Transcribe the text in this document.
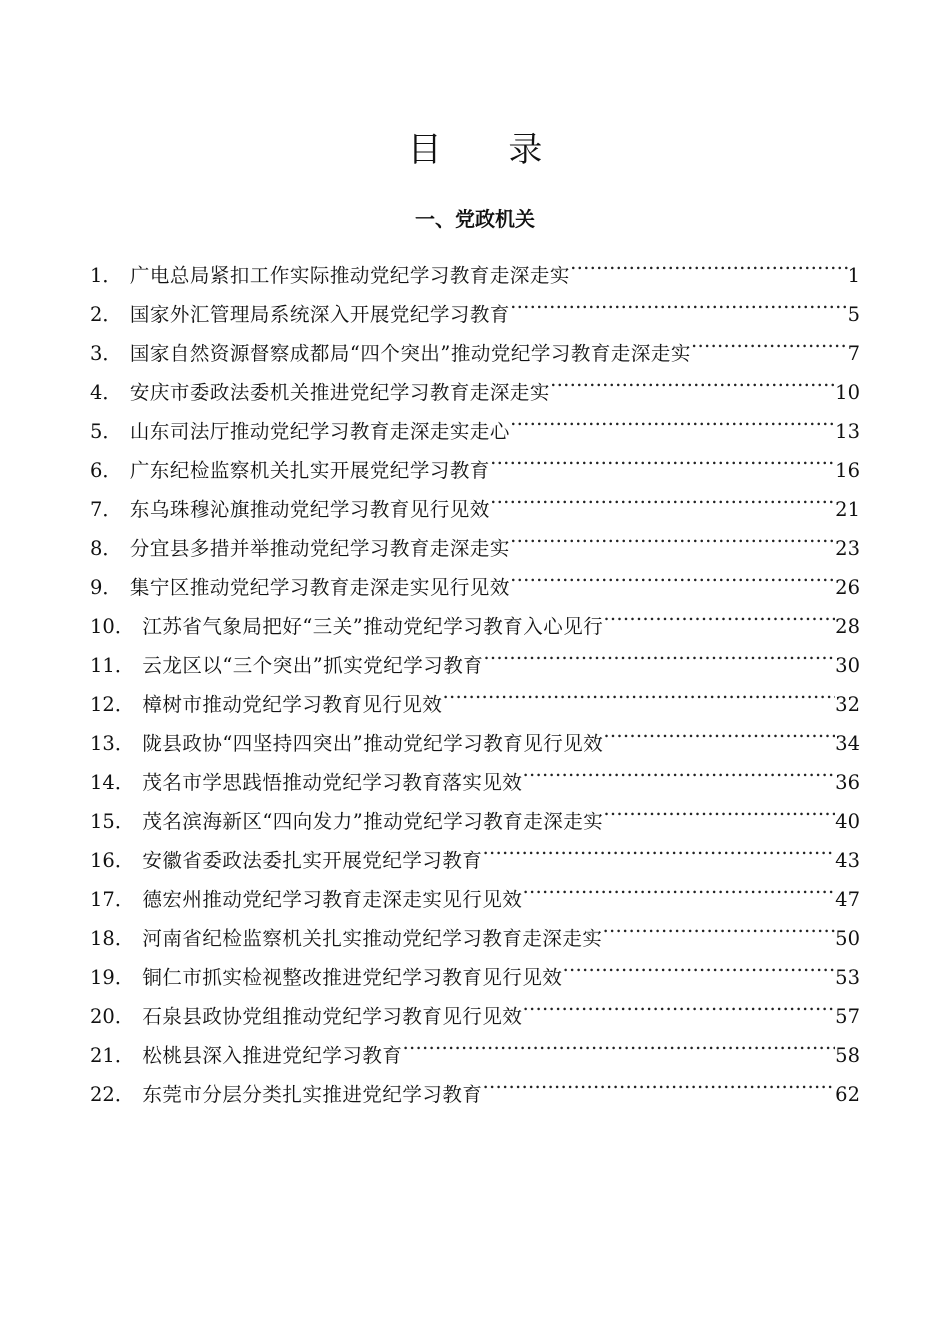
目 录
一、党政机关
1． 广电总局紧扣工作实际推动党纪学习教育走深走实 ………………………………………………………………………………………………………………………………	1
2． 国家外汇管理局系统深入开展党纪学习教育 ………………………………………………………………………………………………………………………………	5
3． 国家自然资源督察成都局“四个突出”推动党纪学习教育走深走实 ………………………………………………………………………………………………………………………………	7
4． 安庆市委政法委机关推进党纪学习教育走深走实 ………………………………………………………………………………………………………………………………	10
5． 山东司法厅推动党纪学习教育走深走实走心 ………………………………………………………………………………………………………………………………	13
6． 广东纪检监察机关扎实开展党纪学习教育 ………………………………………………………………………………………………………………………………	16
7． 东乌珠穆沁旗推动党纪学习教育见行见效 ………………………………………………………………………………………………………………………………	21
8． 分宜县多措并举推动党纪学习教育走深走实 ………………………………………………………………………………………………………………………………	23
9． 集宁区推动党纪学习教育走深走实见行见效 ………………………………………………………………………………………………………………………………	26
10． 江苏省气象局把好“三关”推动党纪学习教育入心见行 ………………………………………………………………………………………………………………………………	28
11． 云龙区以“三个突出”抓实党纪学习教育 ………………………………………………………………………………………………………………………………	30
12． 樟树市推动党纪学习教育见行见效 ………………………………………………………………………………………………………………………………	32
13． 陇县政协“四坚持四突出”推动党纪学习教育见行见效 ………………………………………………………………………………………………………………………………	34
14． 茂名市学思践悟推动党纪学习教育落实见效 ………………………………………………………………………………………………………………………………	36
15． 茂名滨海新区“四向发力”推动党纪学习教育走深走实 ………………………………………………………………………………………………………………………………	40
16． 安徽省委政法委扎实开展党纪学习教育 ………………………………………………………………………………………………………………………………	43
17． 德宏州推动党纪学习教育走深走实见行见效 ………………………………………………………………………………………………………………………………	47
18． 河南省纪检监察机关扎实推动党纪学习教育走深走实 ………………………………………………………………………………………………………………………………	50
19． 铜仁市抓实检视整改推进党纪学习教育见行见效 ………………………………………………………………………………………………………………………………	53
20． 石泉县政协党组推动党纪学习教育见行见效 ………………………………………………………………………………………………………………………………	57
21． 松桃县深入推进党纪学习教育 ………………………………………………………………………………………………………………………………	58
22． 东莞市分层分类扎实推进党纪学习教育 ………………………………………………………………………………………………………………………………	62
